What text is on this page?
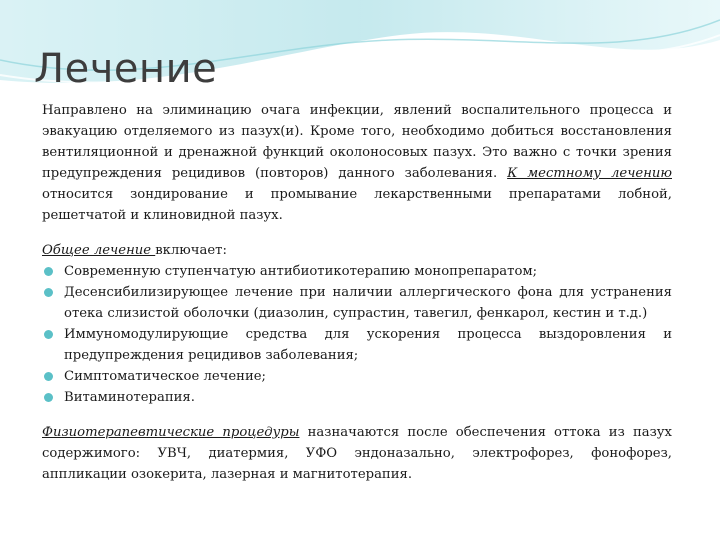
Лечение

Направлено на элиминацию очага инфекции, явлений воспалительного процесса и эвакуацию отделяемого из пазух(и). Кроме того, необходимо добиться восстановления вентиляционной и дренажной функций околоносовых пазух. Это важно с точки зрения предупреждения рецидивов (повторов) данного заболевания. К местному лечению относится зондирование и промывание лекарственными препаратами лобной, решетчатой и клиновидной пазух.

Общее лечение включает:

Современную ступенчатую антибиотикотерапию монопрепаратом;
Десенсибилизирующее лечение при наличии аллергического фона для устранения отека слизистой оболочки (диазолин, супрастин, тавегил, фенкарол, кестин и т.д.)
Иммуномодулирующие средства для ускорения процесса выздоровления и предупреждения рецидивов заболевания;
Симптоматическое лечение;
Витаминотерапия.

Физиотерапевтические процедуры назначаются после обеспечения оттока из пазух содержимого: УВЧ, диатермия, УФО эндоназально, электрофорез, фонофорез, аппликации озокерита, лазерная и магнитотерапия.
